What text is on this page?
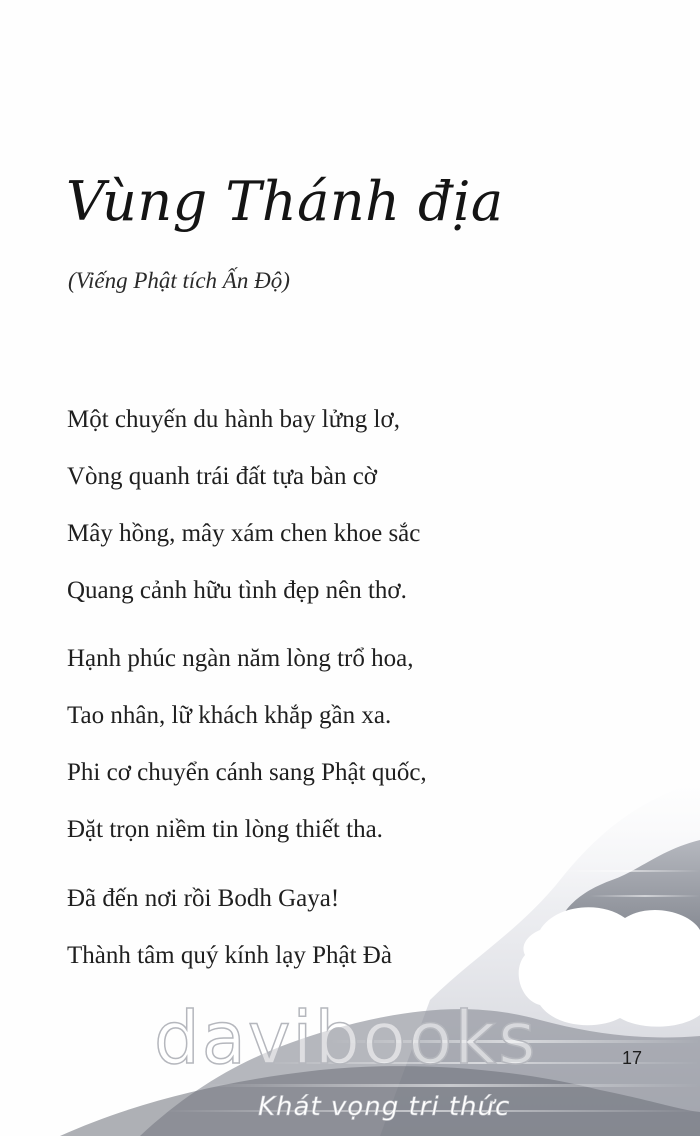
Vùng Thánh địa

(Viếng Phật tích Ấn Độ)

Một chuyến du hành bay lửng lơ,
Vòng quanh trái đất tựa bàn cờ
Mây hồng, mây xám chen khoe sắc
Quang cảnh hữu tình đẹp nên thơ.
Hạnh phúc ngàn năm lòng trổ hoa,
Tao nhân, lữ khách khắp gần xa.
Phi cơ chuyển cánh sang Phật quốc,
Đặt trọn niềm tin lòng thiết tha.
Đã đến nơi rồi Bodh Gaya!
Thành tâm quý kính lạy Phật Đà
17
davibooks
Khát vọng tri thức
